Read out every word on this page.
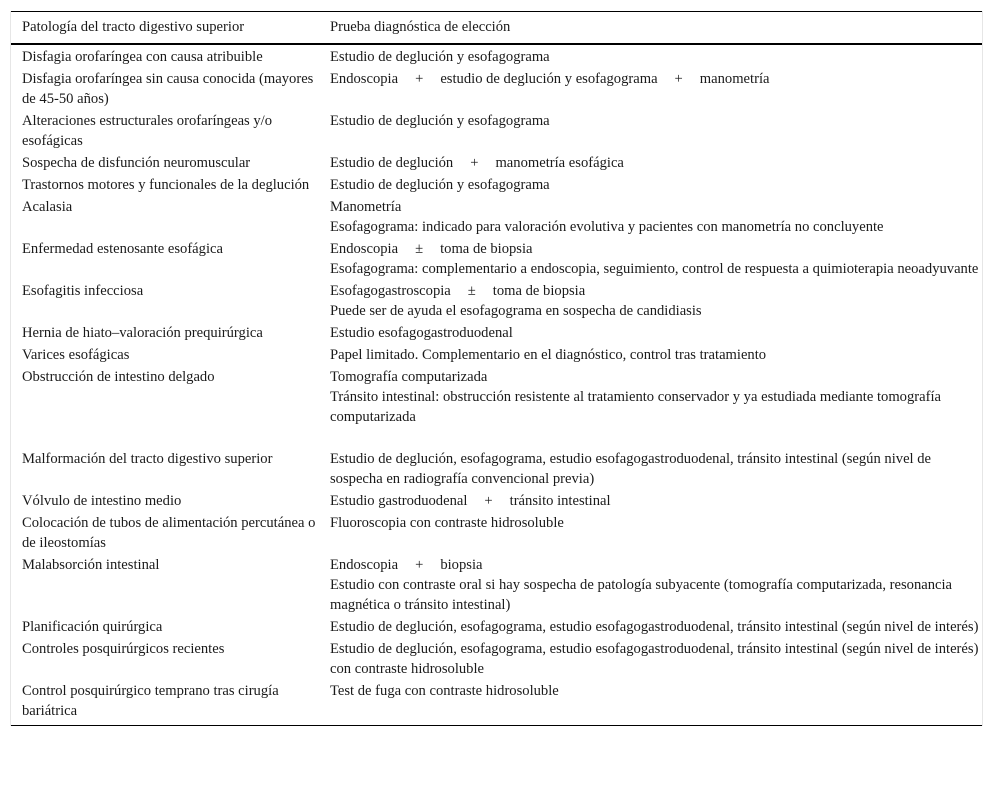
Patología del tracto digestivo superior	Prueba diagnóstica de elección
Disfagia orofaríngea con causa atribuible	Estudio de deglución y esofagograma

Disfagia orofaríngea sin causa conocida (mayores de 45-50 años)	Endoscopia + estudio de deglución y esofagograma + manometría

Alteraciones estructurales orofaríngeas y/o esofágicas	Estudio de deglución y esofagograma

Sospecha de disfunción neuromuscular	Estudio de deglución + manometría esofágica

Trastornos motores y funcionales de la deglución	Estudio de deglución y esofagograma

Acalasia	Manometría
Esofagograma: indicado para valoración evolutiva y pacientes con manometría no concluyente

Enfermedad estenosante esofágica	Endoscopia ± toma de biopsia
Esofagograma: complementario a endoscopia, seguimiento, control de respuesta a quimioterapia neoadyuvante

Esofagitis infecciosa	Esofagogastroscopia ± toma de biopsia
Puede ser de ayuda el esofagograma en sospecha de candidiasis

Hernia de hiato–valoración prequirúrgica	Estudio esofagogastroduodenal

Varices esofágicas	Papel limitado. Complementario en el diagnóstico, control tras tratamiento

Obstrucción de intestino delgado	Tomografía computarizada
Tránsito intestinal: obstrucción resistente al tratamiento conservador y ya estudiada mediante tomografía computarizada

Malformación del tracto digestivo superior	Estudio de deglución, esofagograma, estudio esofagogastroduodenal, tránsito intestinal (según nivel de sospecha en radiografía convencional previa)

Vólvulo de intestino medio	Estudio gastroduodenal + tránsito intestinal

Colocación de tubos de alimentación percutánea o de ileostomías	Fluoroscopia con contraste hidrosoluble

Malabsorción intestinal	Endoscopia + biopsia
Estudio con contraste oral si hay sospecha de patología subyacente (tomografía computarizada, resonancia magnética o tránsito intestinal)

Planificación quirúrgica	Estudio de deglución, esofagograma, estudio esofagogastroduodenal, tránsito intestinal (según nivel de interés)

Controles posquirúrgicos recientes	Estudio de deglución, esofagograma, estudio esofagogastroduodenal, tránsito intestinal (según nivel de interés) con contraste hidrosoluble

Control posquirúrgico temprano tras cirugía bariátrica	Test de fuga con contraste hidrosoluble
